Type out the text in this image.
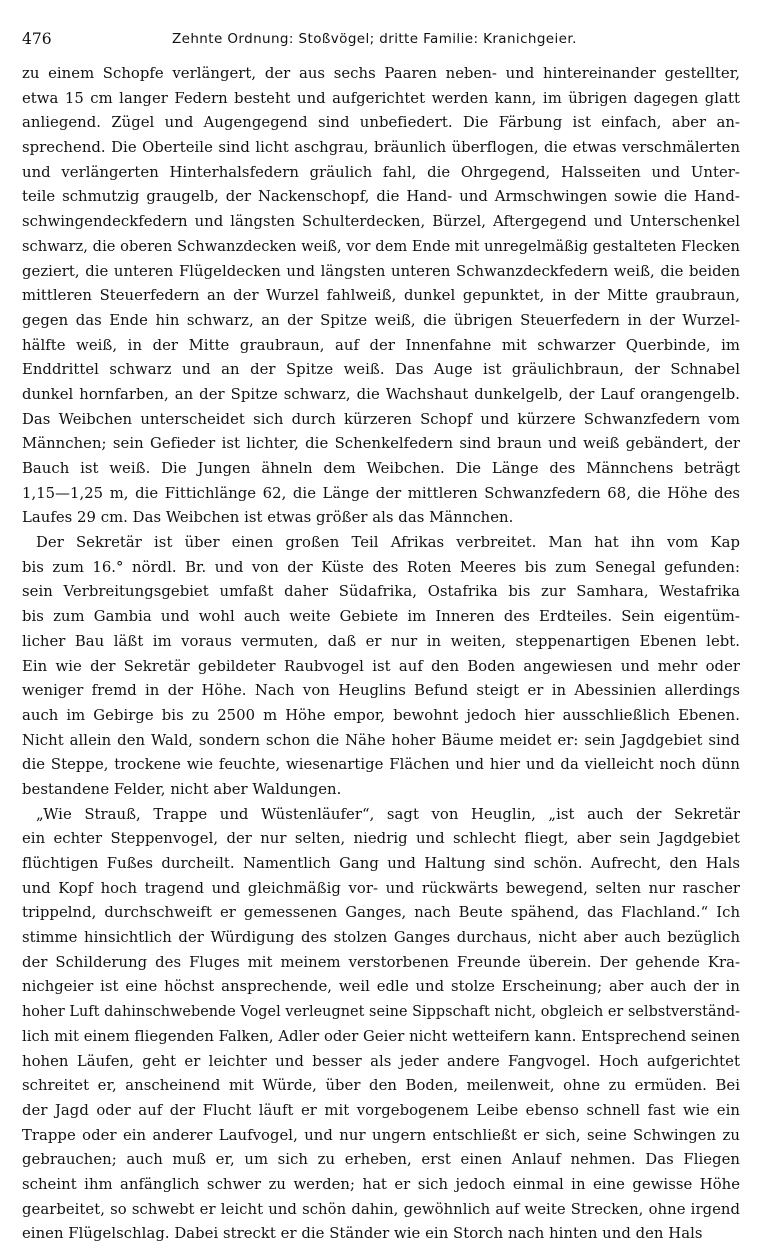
476	Zehnte Ordnung: Stoßvögel; dritte Familie: Kranichgeier.
zu einem Schopfe verlängert, der aus sechs Paaren neben- und hintereinander gestellter,
etwa 15 cm langer Federn besteht und aufgerichtet werden kann, im übrigen dagegen glatt
anliegend. Zügel und Augengegend sind unbefiedert. Die Färbung ist einfach, aber an-
sprechend. Die Oberteile sind licht aschgrau, bräunlich überflogen, die etwas verschmälerten
und verlängerten Hinterhalsfedern gräulich fahl, die Ohrgegend, Halsseiten und Unter-
teile schmutzig graugelb, der Nackenschopf, die Hand- und Armschwingen sowie die Hand-
schwingendeckfedern und längsten Schulterdecken, Bürzel, Aftergegend und Unterschenkel
schwarz, die oberen Schwanzdecken weiß, vor dem Ende mit unregelmäßig gestalteten Flecken
geziert, die unteren Flügeldecken und längsten unteren Schwanzdeckfedern weiß, die beiden
mittleren Steuerfedern an der Wurzel fahlweiß, dunkel gepunktet, in der Mitte graubraun,
gegen das Ende hin schwarz, an der Spitze weiß, die übrigen Steuerfedern in der Wurzel-
hälfte weiß, in der Mitte graubraun, auf der Innenfahne mit schwarzer Querbinde, im
Enddrittel schwarz und an der Spitze weiß. Das Auge ist gräulichbraun, der Schnabel
dunkel hornfarben, an der Spitze schwarz, die Wachshaut dunkelgelb, der Lauf orangengelb.
Das Weibchen unterscheidet sich durch kürzeren Schopf und kürzere Schwanzfedern vom
Männchen; sein Gefieder ist lichter, die Schenkelfedern sind braun und weiß gebändert, der
Bauch ist weiß. Die Jungen ähneln dem Weibchen. Die Länge des Männchens beträgt
1,15—1,25 m, die Fittichlänge 62, die Länge der mittleren Schwanzfedern 68, die Höhe des
Laufes 29 cm. Das Weibchen ist etwas größer als das Männchen.
Der Sekretär ist über einen großen Teil Afrikas verbreitet. Man hat ihn vom Kap
bis zum 16.° nördl. Br. und von der Küste des Roten Meeres bis zum Senegal gefunden:
sein Verbreitungsgebiet umfaßt daher Südafrika, Ostafrika bis zur Samhara, Westafrika
bis zum Gambia und wohl auch weite Gebiete im Inneren des Erdteiles. Sein eigentüm-
licher Bau läßt im voraus vermuten, daß er nur in weiten, steppenartigen Ebenen lebt.
Ein wie der Sekretär gebildeter Raubvogel ist auf den Boden angewiesen und mehr oder
weniger fremd in der Höhe. Nach von Heuglins Befund steigt er in Abessinien allerdings
auch im Gebirge bis zu 2500 m Höhe empor, bewohnt jedoch hier ausschließlich Ebenen.
Nicht allein den Wald, sondern schon die Nähe hoher Bäume meidet er: sein Jagdgebiet sind
die Steppe, trockene wie feuchte, wiesenartige Flächen und hier und da vielleicht noch dünn
bestandene Felder, nicht aber Waldungen.
„Wie Strauß, Trappe und Wüstenläufer“, sagt von Heuglin, „ist auch der Sekretär
ein echter Steppenvogel, der nur selten, niedrig und schlecht fliegt, aber sein Jagdgebiet
flüchtigen Fußes durcheilt. Namentlich Gang und Haltung sind schön. Aufrecht, den Hals
und Kopf hoch tragend und gleichmäßig vor- und rückwärts bewegend, selten nur rascher
trippelnd, durchschweift er gemessenen Ganges, nach Beute spähend, das Flachland.“ Ich
stimme hinsichtlich der Würdigung des stolzen Ganges durchaus, nicht aber auch bezüglich
der Schilderung des Fluges mit meinem verstorbenen Freunde überein. Der gehende Kra-
nichgeier ist eine höchst ansprechende, weil edle und stolze Erscheinung; aber auch der in
hoher Luft dahinschwebende Vogel verleugnet seine Sippschaft nicht, obgleich er selbstverständ-
lich mit einem fliegenden Falken, Adler oder Geier nicht wetteifern kann. Entsprechend seinen
hohen Läufen, geht er leichter und besser als jeder andere Fangvogel. Hoch aufgerichtet
schreitet er, anscheinend mit Würde, über den Boden, meilenweit, ohne zu ermüden. Bei
der Jagd oder auf der Flucht läuft er mit vorgebogenem Leibe ebenso schnell fast wie ein
Trappe oder ein anderer Laufvogel, und nur ungern entschließt er sich, seine Schwingen zu
gebrauchen; auch muß er, um sich zu erheben, erst einen Anlauf nehmen. Das Fliegen
scheint ihm anfänglich schwer zu werden; hat er sich jedoch einmal in eine gewisse Höhe
gearbeitet, so schwebt er leicht und schön dahin, gewöhnlich auf weite Strecken, ohne irgend
einen Flügelschlag. Dabei streckt er die Ständer wie ein Storch nach hinten und den Hals
